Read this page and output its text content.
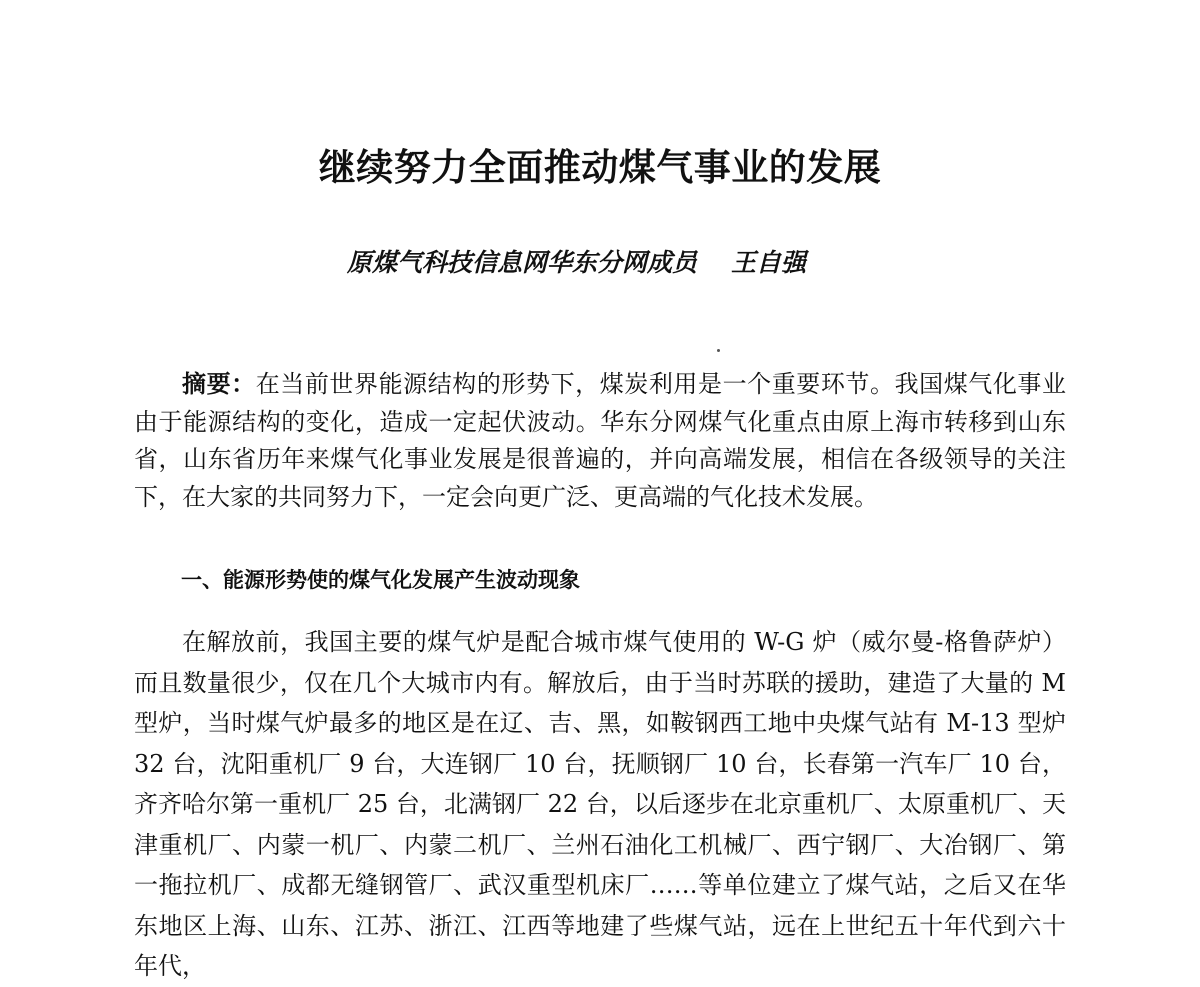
继续努力全面推动煤气事业的发展
原煤气科技信息网华东分网成员 王自强

摘要：在当前世界能源结构的形势下，煤炭利用是一个重要环节。我国煤气化事业由于能源结构的变化，造成一定起伏波动。华东分网煤气化重点由原上海市转移到山东省，山东省历年来煤气化事业发展是很普遍的，并向高端发展，相信在各级领导的关注下，在大家的共同努力下，一定会向更广泛、更高端的气化技术发展。

一、能源形势使的煤气化发展产生波动现象

在解放前，我国主要的煤气炉是配合城市煤气使用的 W-G 炉（威尔曼-格鲁萨炉）而且数量很少，仅在几个大城市内有。解放后，由于当时苏联的援助，建造了大量的 M 型炉，当时煤气炉最多的地区是在辽、吉、黑，如鞍钢西工地中央煤气站有 M-13 型炉 32 台，沈阳重机厂 9 台，大连钢厂 10 台，抚顺钢厂 10 台，长春第一汽车厂 10 台，齐齐哈尔第一重机厂 25 台，北满钢厂 22 台，以后逐步在北京重机厂、太原重机厂、天津重机厂、内蒙一机厂、内蒙二机厂、兰州石油化工机械厂、西宁钢厂、大冶钢厂、第一拖拉机厂、成都无缝钢管厂、武汉重型机床厂……等单位建立了煤气站，之后又在华东地区上海、山东、江苏、浙江、江西等地建了些煤气站，远在上世纪五十年代到六十年代，
